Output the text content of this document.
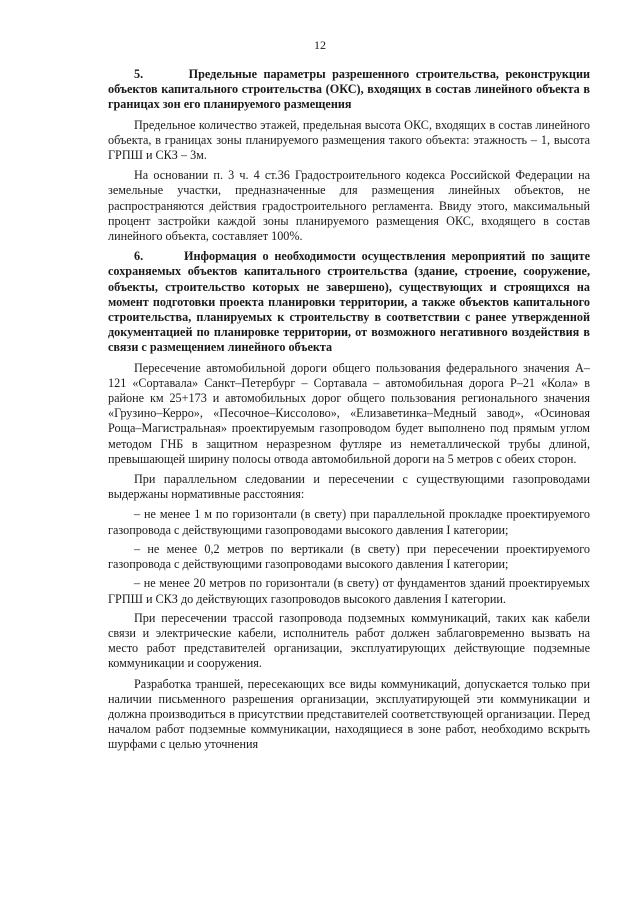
12

5.       Предельные параметры разрешенного строительства, реконструкции объектов капитального строительства (ОКС), входящих в состав линейного объекта в границах зон его планируемого размещения

Предельное количество этажей, предельная высота ОКС, входящих в состав линейного объекта, в границах зоны планируемого размещения такого объекта: этажность – 1, высота ГРПШ и СКЗ – 3м.

На основании п. 3 ч. 4 ст.36 Градостроительного кодекса Российской Федерации на земельные участки, предназначенные для размещения линейных объектов, не распространяются действия градостроительного регламента. Ввиду этого, максимальный процент застройки каждой зоны планируемого размещения ОКС, входящего в состав линейного объекта, составляет 100%.

6.       Информация о необходимости осуществления мероприятий по защите сохраняемых объектов капитального строительства (здание, строение, сооружение, объекты, строительство которых не завершено), существующих и строящихся на момент подготовки проекта планировки территории, а также объектов капитального строительства, планируемых к строительству в соответствии с ранее утвержденной документацией по планировке территории, от возможного негативного воздействия в связи с размещением линейного объекта

Пересечение автомобильной дороги общего пользования федерального значения А–121 «Сортавала» Санкт–Петербург – Сортавала – автомобильная дорога Р–21 «Кола» в районе км 25+173 и автомобильных дорог общего пользования регионального значения «Грузино–Керро», «Песочное–Киссолово», «Елизаветинка–Медный завод», «Осиновая Роща–Магистральная» проектируемым газопроводом будет выполнено под прямым углом методом ГНБ в защитном неразрезном футляре из неметаллической трубы длиной, превышающей ширину полосы отвода автомобильной дороги на 5 метров с обеих сторон.

При параллельном следовании и пересечении с существующими газопроводами выдержаны нормативные расстояния:

– не менее 1 м по горизонтали (в свету) при параллельной прокладке проектируемого газопровода с действующими газопроводами высокого давления I категории;

– не менее 0,2 метров по вертикали (в свету) при пересечении проектируемого газопровода с действующими газопроводами высокого давления I категории;

– не менее 20 метров по горизонтали (в свету) от фундаментов зданий проектируемых ГРПШ и СКЗ до действующих газопроводов высокого давления I категории.

При пересечении трассой газопровода подземных коммуникаций, таких как кабели связи и электрические кабели, исполнитель работ должен заблаговременно вызвать на место работ представителей организации, эксплуатирующих действующие подземные коммуникации и сооружения.

Разработка траншей, пересекающих все виды коммуникаций, допускается только при наличии письменного разрешения организации, эксплуатирующей эти коммуникации и должна производиться в присутствии представителей соответствующей организации. Перед началом работ подземные коммуникации, находящиеся в зоне работ, необходимо вскрыть шурфами с целью уточнения
